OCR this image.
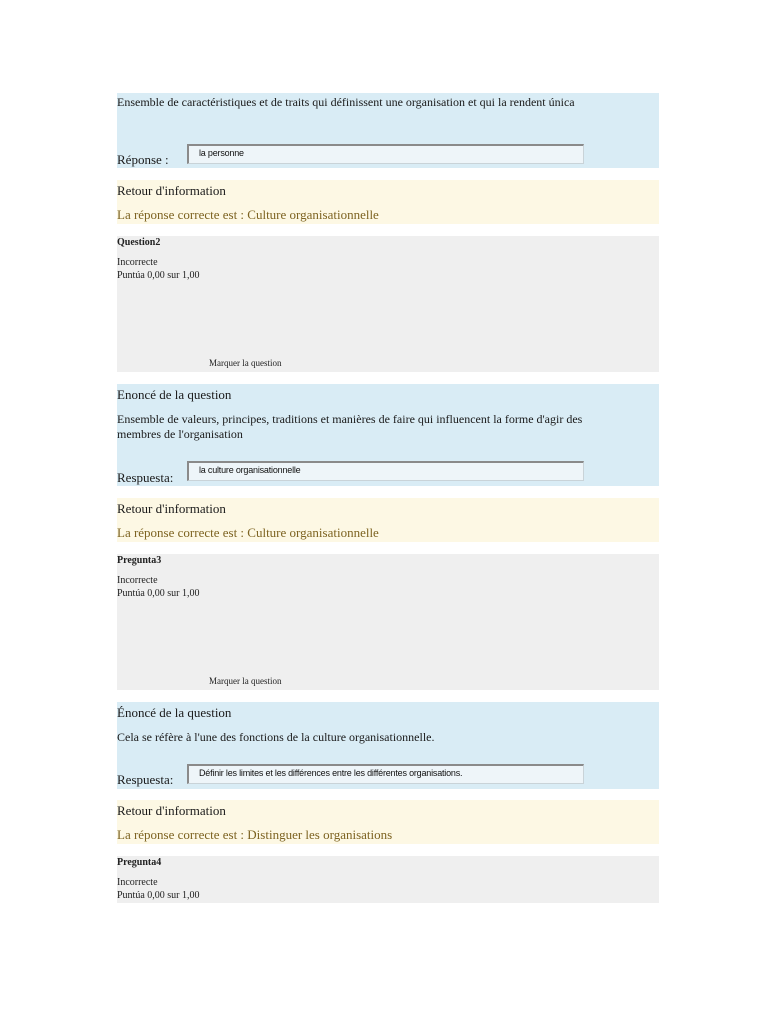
Ensemble de caractéristiques et de traits qui définissent une organisation et qui la rendent única
Réponse :	la personne
Retour d'information
La réponse correcte est : Culture organisationnelle
Question2
Incorrecte
Puntúa 0,00 sur 1,00
Marquer la question
Enoncé de la question
Ensemble de valeurs, principes, traditions et manières de faire qui influencent la forme d'agir des membres de l'organisation
Respuesta:	la culture organisationnelle
Retour d'information
La réponse correcte est : Culture organisationnelle
Pregunta3
Incorrecte
Puntúa 0,00 sur 1,00
Marquer la question
Énoncé de la question
Cela se réfère à l'une des fonctions de la culture organisationnelle.
Respuesta:	Définir les limites et les différences entre les différentes organisations.
Retour d'information
La réponse correcte est : Distinguer les organisations
Pregunta4
Incorrecte
Puntúa 0,00 sur 1,00
